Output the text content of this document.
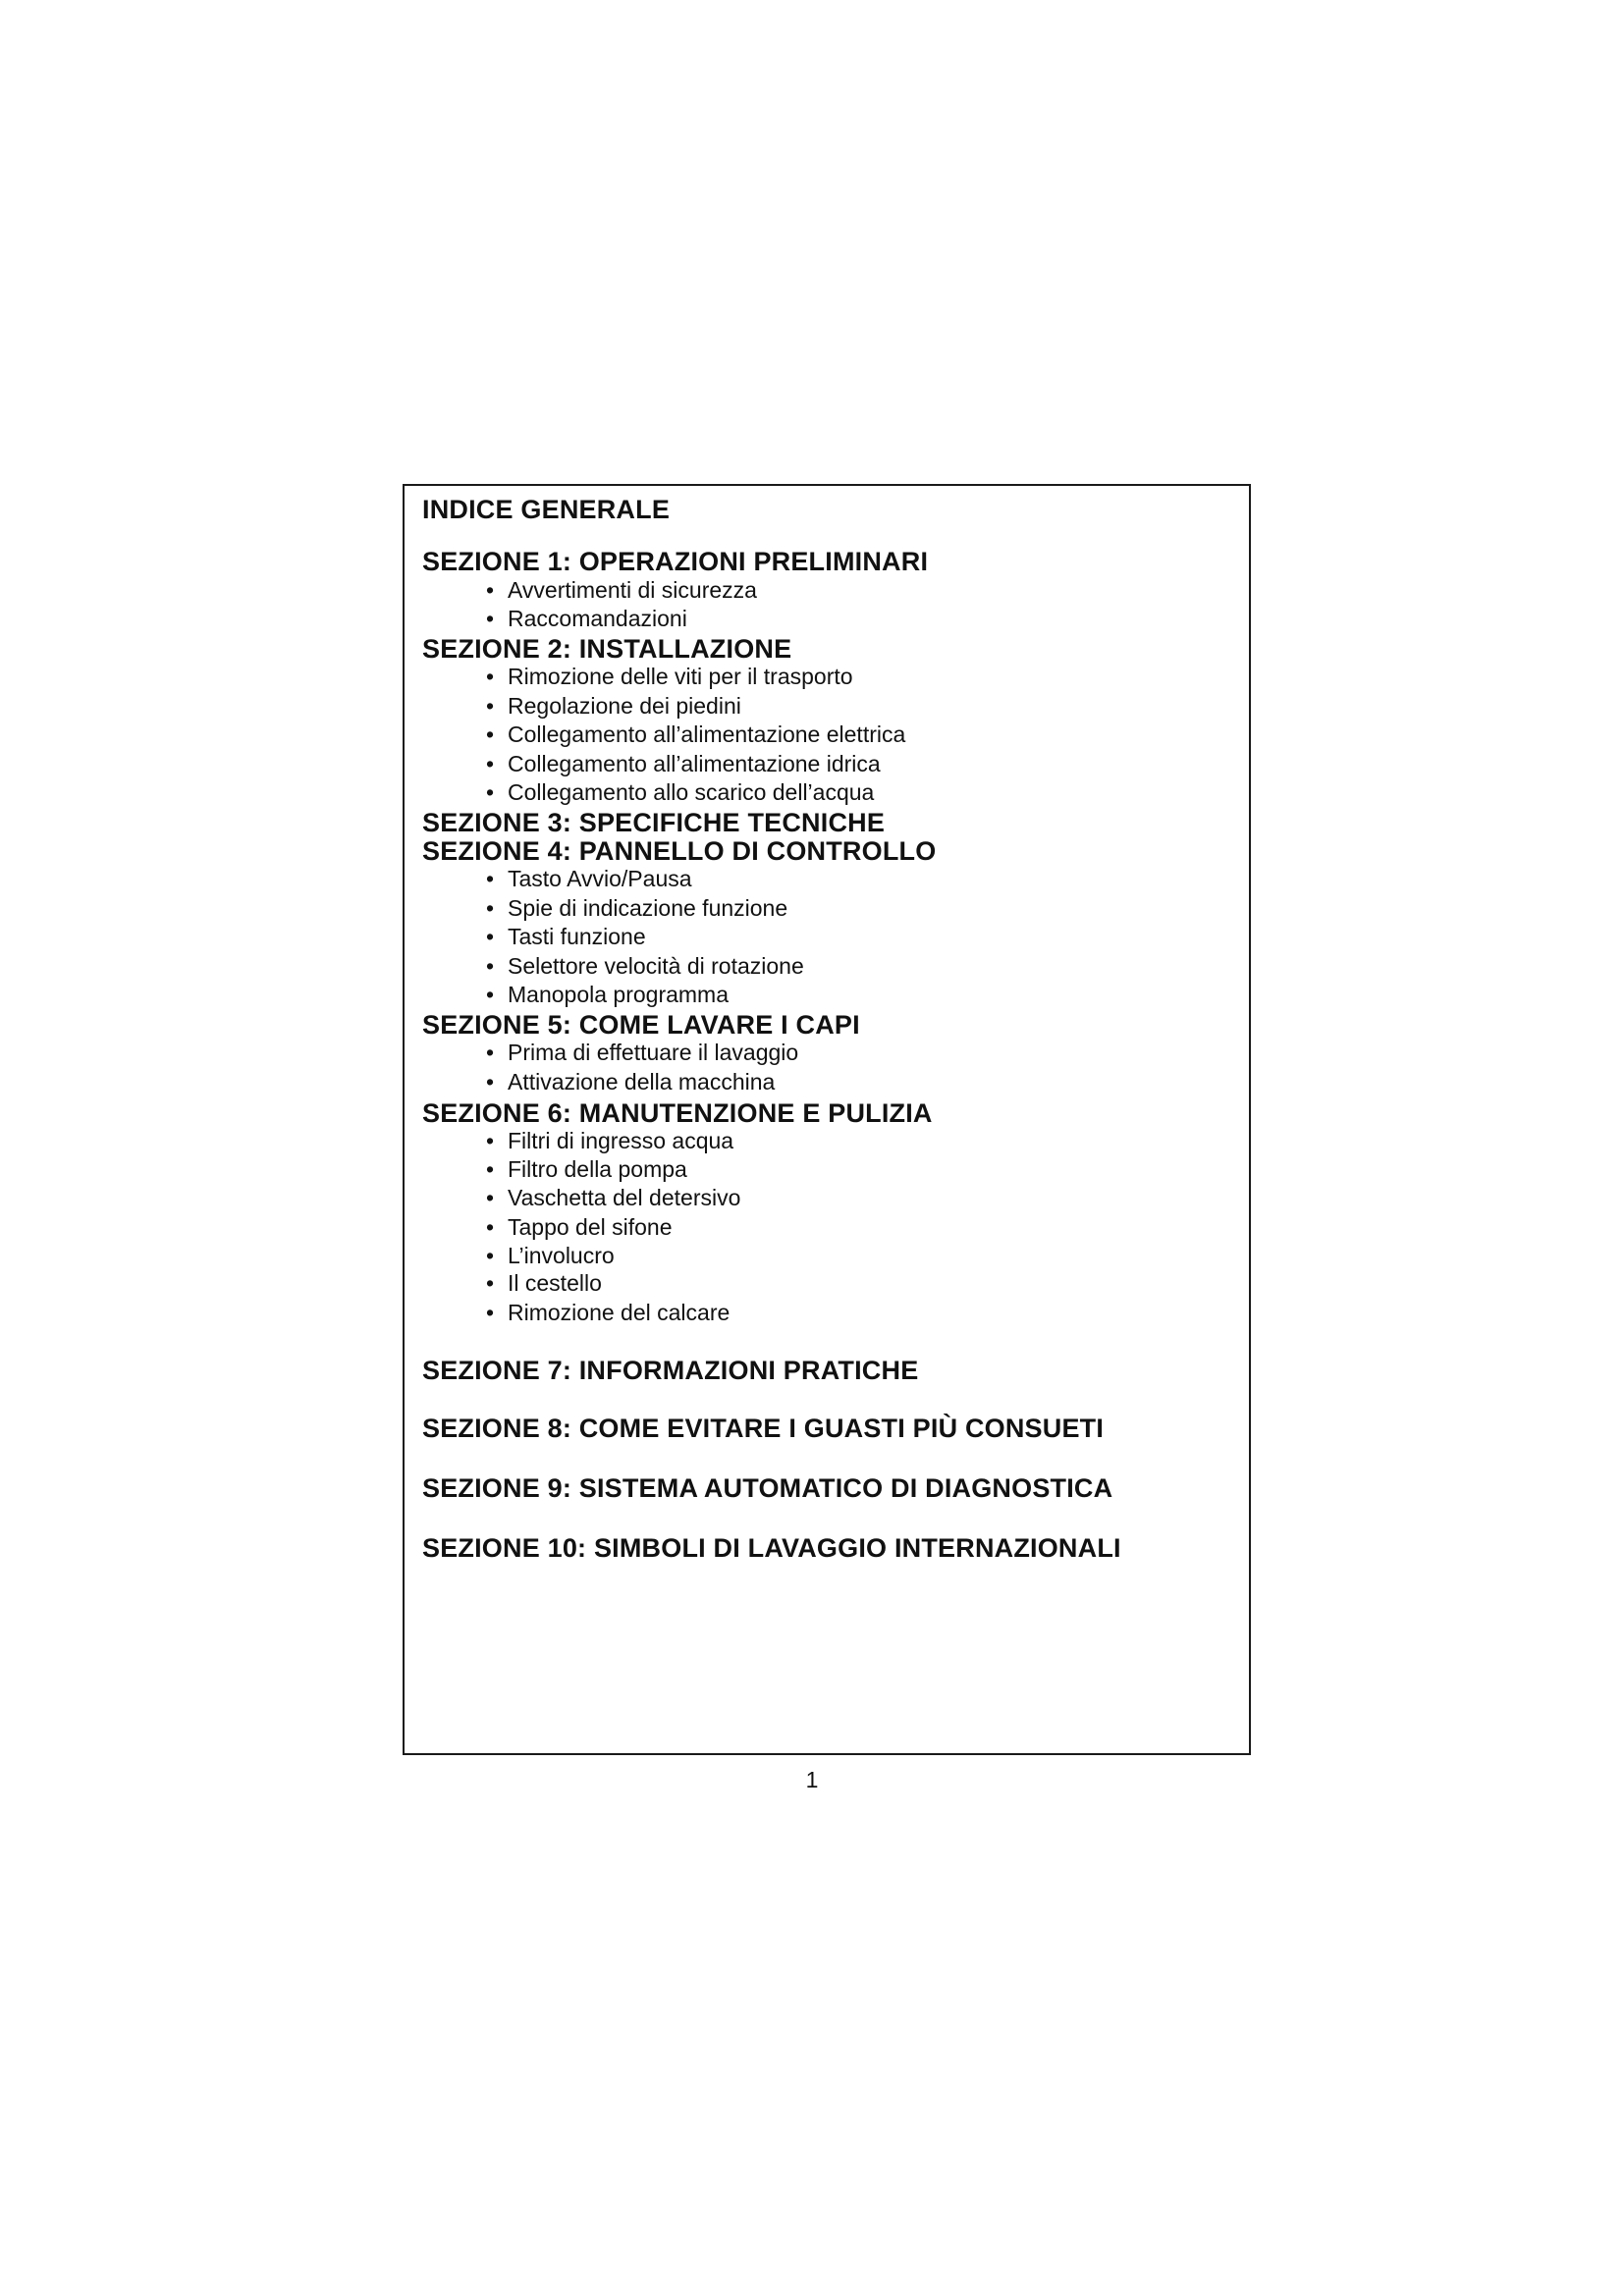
INDICE GENERALE
SEZIONE 1: OPERAZIONI PRELIMINARI
• Avvertimenti di sicurezza
• Raccomandazioni
SEZIONE 2: INSTALLAZIONE
• Rimozione delle viti per il trasporto
• Regolazione dei piedini
• Collegamento all’alimentazione elettrica
• Collegamento all’alimentazione idrica
• Collegamento allo scarico dell’acqua
SEZIONE 3: SPECIFICHE TECNICHE
SEZIONE 4: PANNELLO DI CONTROLLO
• Tasto Avvio/Pausa
• Spie di indicazione funzione
• Tasti funzione
• Selettore velocità di rotazione
• Manopola programma
SEZIONE 5: COME LAVARE I CAPI
• Prima di effettuare il lavaggio
• Attivazione della macchina
SEZIONE 6: MANUTENZIONE E PULIZIA
• Filtri di ingresso acqua
• Filtro della pompa
• Vaschetta del detersivo
• Tappo del sifone
• L’involucro
• Il cestello
• Rimozione del calcare
SEZIONE 7: INFORMAZIONI PRATICHE
SEZIONE 8: COME EVITARE I GUASTI PIÙ CONSUETI
SEZIONE 9: SISTEMA AUTOMATICO DI DIAGNOSTICA
SEZIONE 10: SIMBOLI DI LAVAGGIO INTERNAZIONALI
1
